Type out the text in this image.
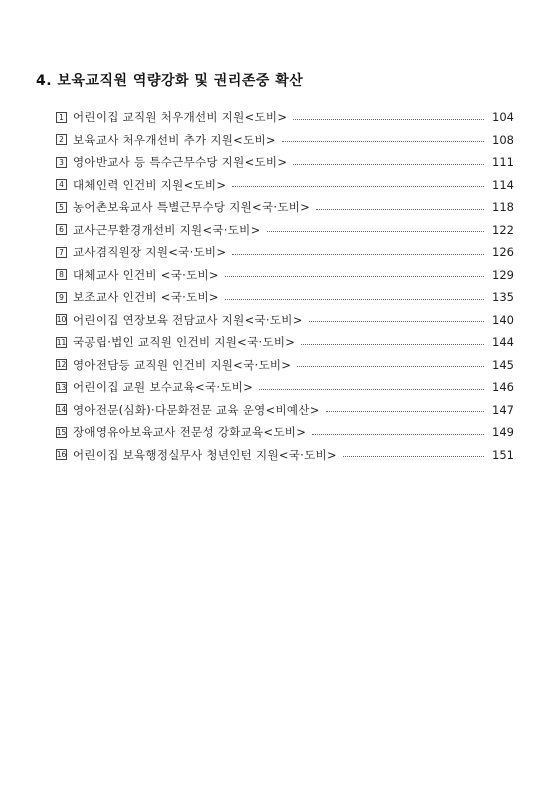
4. 보육교직원 역량강화 및 권리존중 확산
1 어린이집 교직원 처우개선비 지원<도비>	104
2 보육교사 처우개선비 추가 지원<도비>	108
3 영아반교사 등 특수근무수당 지원<도비>	111
4 대체인력 인건비 지원<도비>	114
5 농어촌보육교사 특별근무수당 지원<국·도비>	118
6 교사근무환경개선비 지원<국·도비>	122
7 교사겸직원장 지원<국·도비>	126
8 대체교사 인건비 <국·도비>	129
9 보조교사 인건비 <국·도비>	135
10 어린이집 연장보육 전담교사 지원<국·도비>	140
11 국공립·법인 교직원 인건비 지원<국·도비>	144
12 영아전담등 교직원 인건비 지원<국·도비>	145
13 어린이집 교원 보수교육<국·도비>	146
14 영아전문(심화)·다문화전문 교육 운영<비예산>	147
15 장애영유아보육교사 전문성 강화교육<도비>	149
16 어린이집 보육행정실무사 청년인턴 지원<국·도비>	151
